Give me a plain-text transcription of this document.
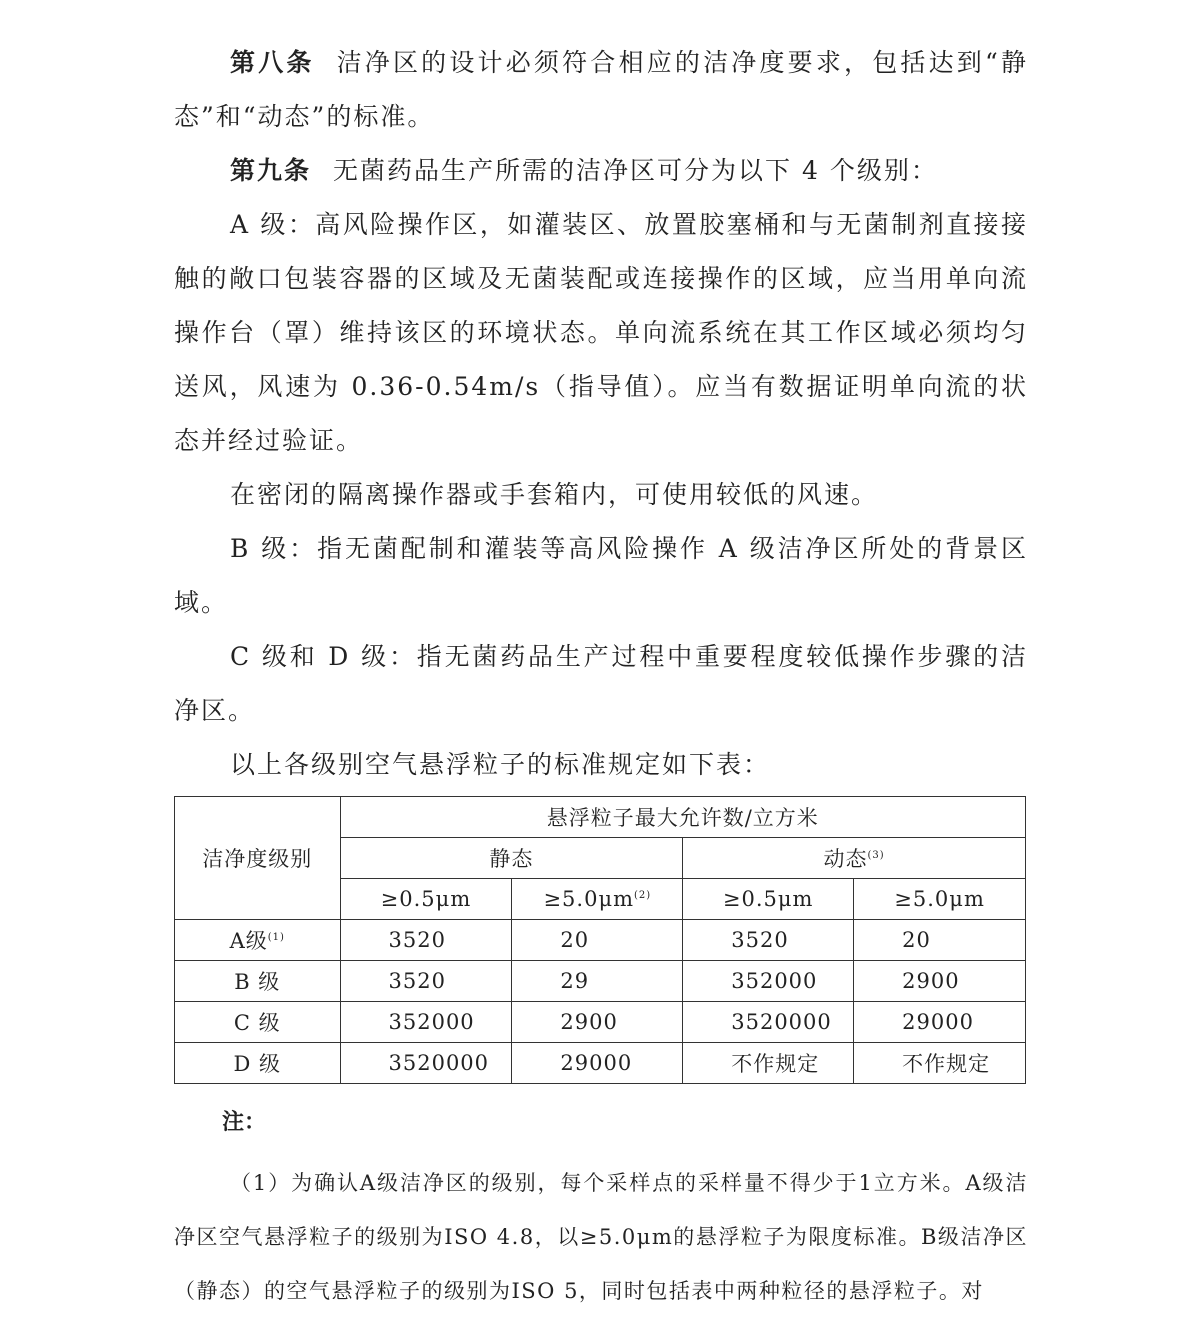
第八条 洁净区的设计必须符合相应的洁净度要求，包括达到“静态”和“动态”的标准。

第九条 无菌药品生产所需的洁净区可分为以下 4 个级别：

A 级：高风险操作区，如灌装区、放置胶塞桶和与无菌制剂直接接触的敞口包装容器的区域及无菌装配或连接操作的区域，应当用单向流操作台（罩）维持该区的环境状态。单向流系统在其工作区域必须均匀送风，风速为 0.36-0.54m/s（指导值）。应当有数据证明单向流的状态并经过验证。

在密闭的隔离操作器或手套箱内，可使用较低的风速。

B 级：指无菌配制和灌装等高风险操作 A 级洁净区所处的背景区域。

C 级和 D 级：指无菌药品生产过程中重要程度较低操作步骤的洁净区。

以上各级别空气悬浮粒子的标准规定如下表：

洁净度级别	悬浮粒子最大允许数/立方米			
	静态		动态$^{(3)}$
	≥0.5μm	$\ge 5.0\mu m^{(2)}$	≥0.5μm	≥5.0μm
A级$^{(1)}$	3520	20	3520	20
B 级	3520	29	352000	2900
C 级	352000	2900	3520000	29000
D 级	3520000	29000	不作规定	不作规定
注：

（1）为确认A级洁净区的级别，每个采样点的采样量不得少于1立方米。A级洁净区空气悬浮粒子的级别为ISO 4.8，以≥5.0μm的悬浮粒子为限度标准。B级洁净区（静态）的空气悬浮粒子的级别为ISO 5，同时包括表中两种粒径的悬浮粒子。对
